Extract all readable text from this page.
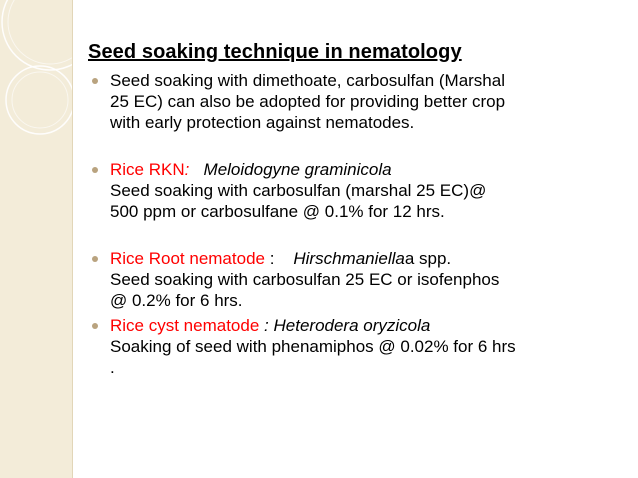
Seed soaking technique in nematology
Seed soaking with dimethoate, carbosulfan (Marshal
25 EC) can also be adopted for providing better crop
with early protection against nematodes.
Rice RKN: Meloidogyne graminicola
Seed soaking with carbosulfan (marshal 25 EC)@
500 ppm or carbosulfane @ 0.1% for 12 hrs.
Rice Root nematode : Hirschmaniellaa spp.
Seed soaking with carbosulfan 25 EC or isofenphos
@ 0.2% for 6 hrs.
Rice cyst nematode : Heterodera oryzicola
Soaking of seed with phenamiphos @ 0.02% for 6 hrs
.
